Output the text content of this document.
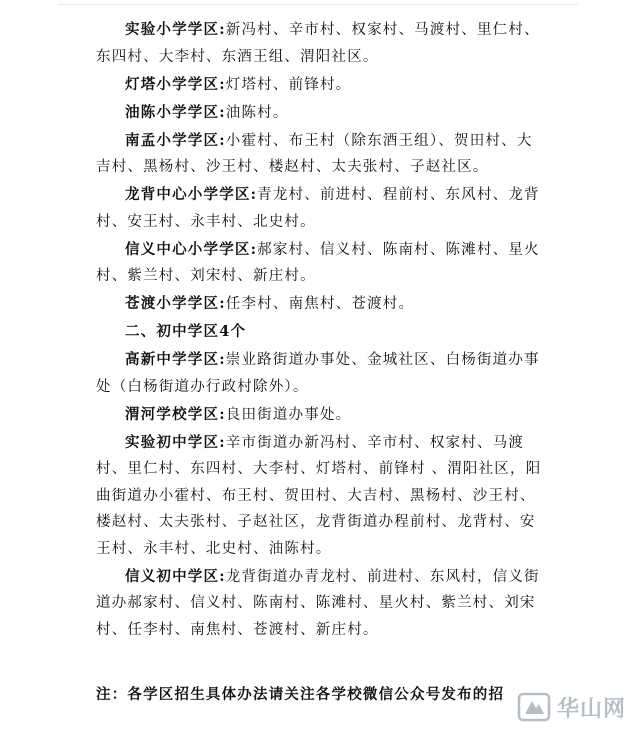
实验小学学区:新冯村、辛市村、权家村、马渡村、里仁村、东四村、大李村、东酒王组、渭阳社区。

灯塔小学学区:灯塔村、前锋村。

油陈小学学区:油陈村。

南孟小学学区:小霍村、布王村（除东酒王组）、贺田村、大吉村、黑杨村、沙王村、楼赵村、太夫张村、子赵社区。

龙背中心小学学区:青龙村、前进村、程前村、东风村、龙背村、安王村、永丰村、北史村。

信义中心小学学区:郝家村、信义村、陈南村、陈滩村、星火村、紫兰村、刘宋村、新庄村。

苍渡小学学区:任李村、南焦村、苍渡村。

二、初中学区4个

高新中学学区:崇业路街道办事处、金城社区、白杨街道办事处（白杨街道办行政村除外）。

渭河学校学区:良田街道办事处。

实验初中学区:辛市街道办新冯村、辛市村、权家村、马渡村、里仁村、东四村、大李村、灯塔村、前锋村 、渭阳社区，阳曲街道办小霍村、布王村、贺田村、大吉村、黑杨村、沙王村、楼赵村、太夫张村、子赵社区，龙背街道办程前村、龙背村、安王村、永丰村、北史村、油陈村。

信义初中学区:龙背街道办青龙村、前进村、东风村，信义街道办郝家村、信义村、陈南村、陈滩村、星火村、紫兰村、刘宋村、任李村、南焦村、苍渡村、新庄村。

注：各学区招生具体办法请关注各学校微信公众号发布的招

华山网
